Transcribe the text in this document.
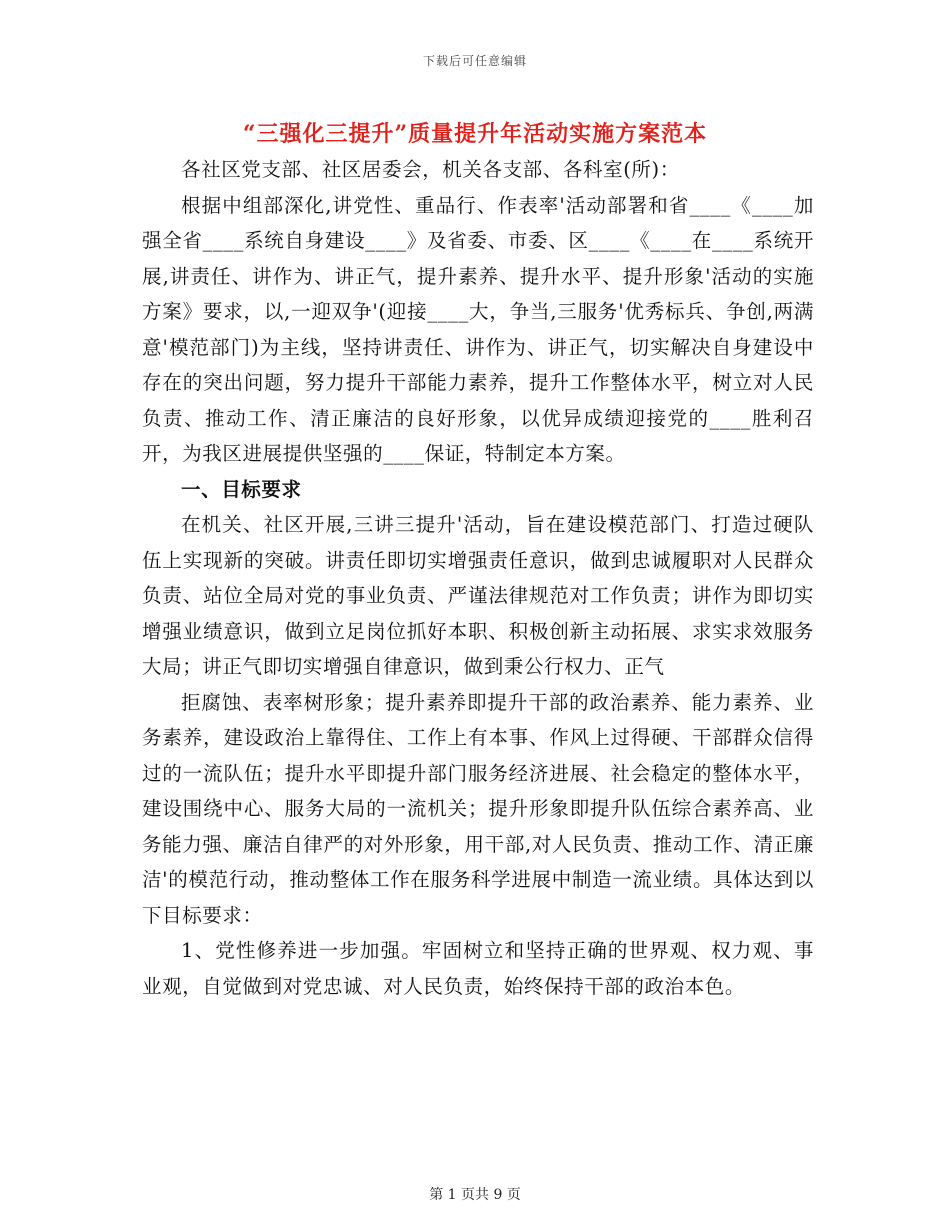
下载后可任意编辑
“三强化三提升”质量提升年活动实施方案范本

各社区党支部、社区居委会，机关各支部、各科室(所)：

根据中组部深化,讲党性、重品行、作表率'活动部署和省____《____加强全省____系统自身建设____》及省委、市委、区____《____在____系统开展,讲责任、讲作为、讲正气，提升素养、提升水平、提升形象'活动的实施方案》要求，以,一迎双争'(迎接____大，争当,三服务'优秀标兵、争创,两满意'模范部门)为主线，坚持讲责任、讲作为、讲正气，切实解决自身建设中存在的突出问题，努力提升干部能力素养，提升工作整体水平，树立对人民负责、推动工作、清正廉洁的良好形象，以优异成绩迎接党的____胜利召开，为我区进展提供坚强的____保证，特制定本方案。

一、目标要求

在机关、社区开展,三讲三提升'活动，旨在建设模范部门、打造过硬队伍上实现新的突破。讲责任即切实增强责任意识，做到忠诚履职对人民群众负责、站位全局对党的事业负责、严谨法律规范对工作负责；讲作为即切实增强业绩意识，做到立足岗位抓好本职、积极创新主动拓展、求实求效服务大局；讲正气即切实增强自律意识，做到秉公行权力、正气

拒腐蚀、表率树形象；提升素养即提升干部的政治素养、能力素养、业务素养，建设政治上靠得住、工作上有本事、作风上过得硬、干部群众信得过的一流队伍；提升水平即提升部门服务经济进展、社会稳定的整体水平，建设围绕中心、服务大局的一流机关；提升形象即提升队伍综合素养高、业务能力强、廉洁自律严的对外形象，用干部,对人民负责、推动工作、清正廉洁'的模范行动，推动整体工作在服务科学进展中制造一流业绩。具体达到以下目标要求：

1、党性修养进一步加强。牢固树立和坚持正确的世界观、权力观、事业观，自觉做到对党忠诚、对人民负责，始终保持干部的政治本色。

第 1 页共 9 页
